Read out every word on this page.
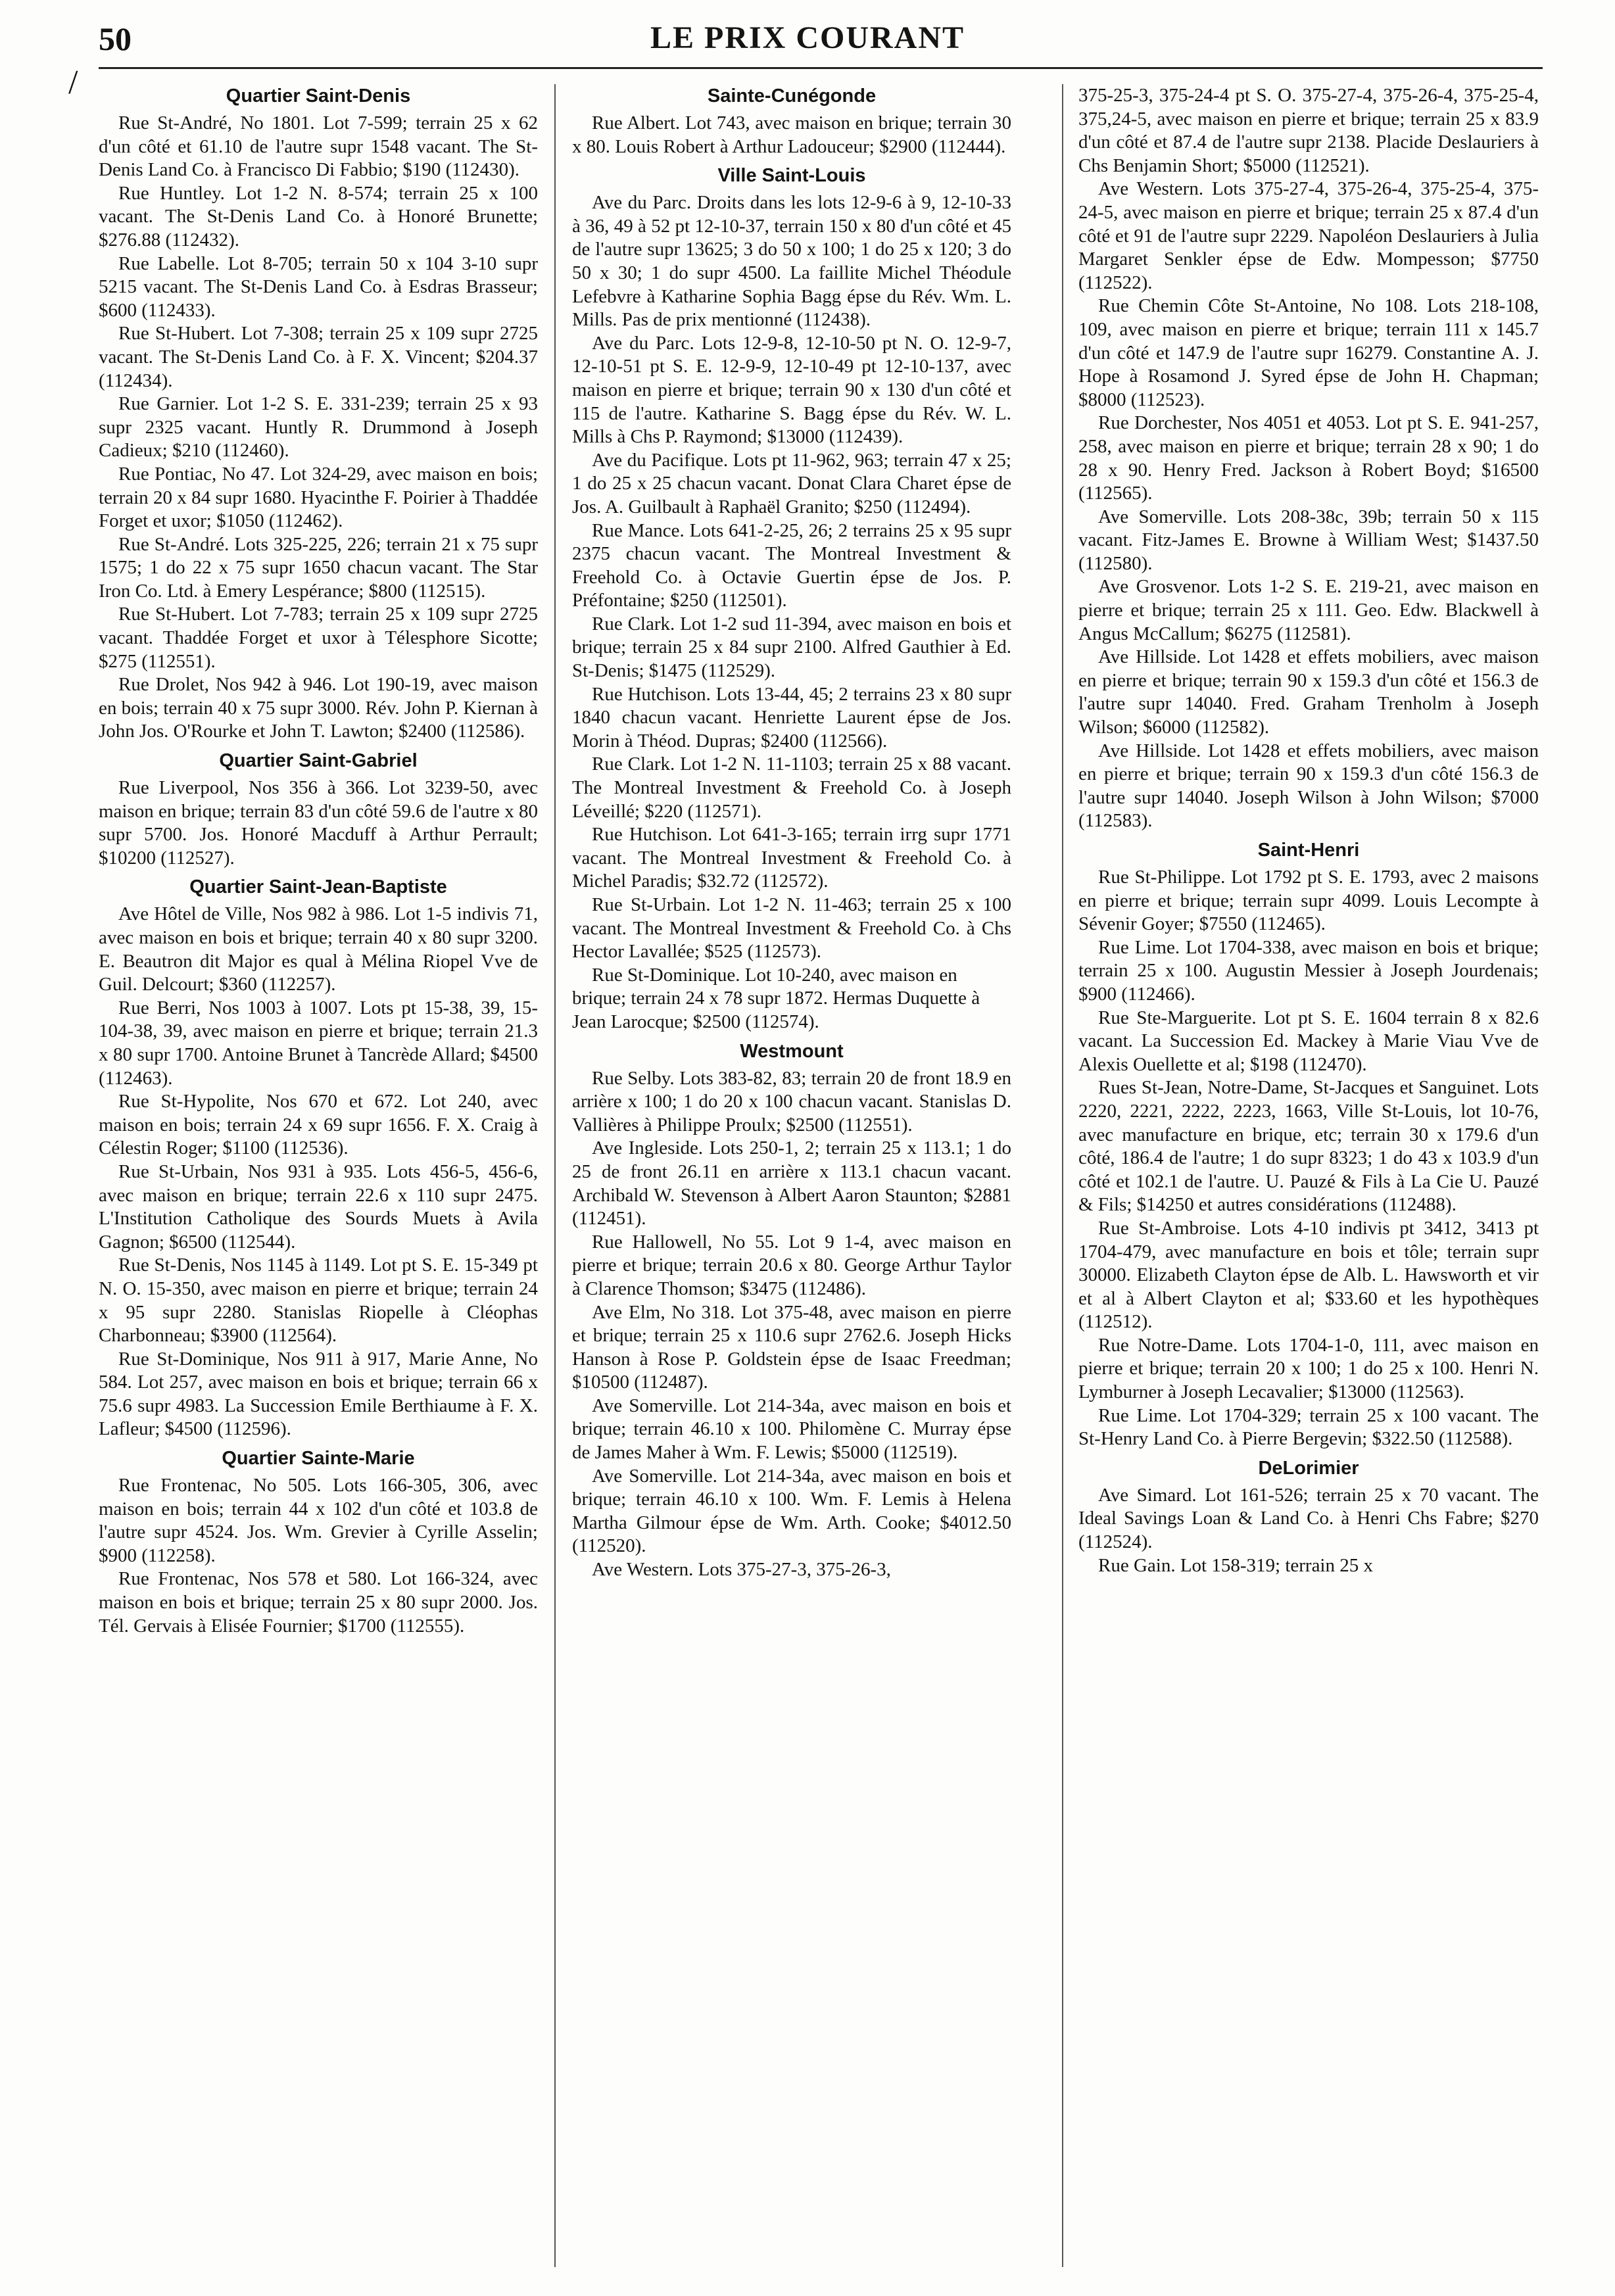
50
/
LE PRIX COURANT
Quartier Saint-Denis

Rue St-André, No 1801. Lot 7-599; terrain 25 x 62 d'un côté et 61.10 de l'autre supr 1548 vacant. The St-Denis Land Co. à Francisco Di Fabbio; $190 (112430).

Rue Huntley. Lot 1-2 N. 8-574; terrain 25 x 100 vacant. The St-Denis Land Co. à Honoré Brunette; $276.88 (112432).

Rue Labelle. Lot 8-705; terrain 50 x 104 3-10 supr 5215 vacant. The St-Denis Land Co. à Esdras Brasseur; $600 (112433).

Rue St-Hubert. Lot 7-308; terrain 25 x 109 supr 2725 vacant. The St-Denis Land Co. à F. X. Vincent; $204.37 (112434).

Rue Garnier. Lot 1-2 S. E. 331-239; terrain 25 x 93 supr 2325 vacant. Huntly R. Drummond à Joseph Cadieux; $210 (112460).

Rue Pontiac, No 47. Lot 324-29, avec maison en bois; terrain 20 x 84 supr 1680. Hyacinthe F. Poirier à Thaddée Forget et uxor; $1050 (112462).

Rue St-André. Lots 325-225, 226; terrain 21 x 75 supr 1575; 1 do 22 x 75 supr 1650 chacun vacant. The Star Iron Co. Ltd. à Emery Lespérance; $800 (112515).

Rue St-Hubert. Lot 7-783; terrain 25 x 109 supr 2725 vacant. Thaddée Forget et uxor à Télesphore Sicotte; $275 (112551).

Rue Drolet, Nos 942 à 946. Lot 190-19, avec maison en bois; terrain 40 x 75 supr 3000. Rév. John P. Kiernan à John Jos. O'Rourke et John T. Lawton; $2400 (112586).

Quartier Saint-Gabriel

Rue Liverpool, Nos 356 à 366. Lot 3239-50, avec maison en brique; terrain 83 d'un côté 59.6 de l'autre x 80 supr 5700. Jos. Honoré Macduff à Arthur Perrault; $10200 (112527).

Quartier Saint-Jean-Baptiste

Ave Hôtel de Ville, Nos 982 à 986. Lot 1-5 indivis 71, avec maison en bois et brique; terrain 40 x 80 supr 3200. E. Beautron dit Major es qual à Mélina Riopel Vve de Guil. Delcourt; $360 (112257).

Rue Berri, Nos 1003 à 1007. Lots pt 15-38, 39, 15-104-38, 39, avec maison en pierre et brique; terrain 21.3 x 80 supr 1700. Antoine Brunet à Tancrède Allard; $4500 (112463).

Rue St-Hypolite, Nos 670 et 672. Lot 240, avec maison en bois; terrain 24 x 69 supr 1656. F. X. Craig à Célestin Roger; $1100 (112536).

Rue St-Urbain, Nos 931 à 935. Lots 456-5, 456-6, avec maison en brique; terrain 22.6 x 110 supr 2475. L'Institution Catholique des Sourds Muets à Avila Gagnon; $6500 (112544).

Rue St-Denis, Nos 1145 à 1149. Lot pt S. E. 15-349 pt N. O. 15-350, avec maison en pierre et brique; terrain 24 x 95 supr 2280. Stanislas Riopelle à Cléophas Charbonneau; $3900 (112564).

Rue St-Dominique, Nos 911 à 917, Marie Anne, No 584. Lot 257, avec maison en bois et brique; terrain 66 x 75.6 supr 4983. La Succession Emile Berthiaume à F. X. Lafleur; $4500 (112596).

Quartier Sainte-Marie

Rue Frontenac, No 505. Lots 166-305, 306, avec maison en bois; terrain 44 x 102 d'un côté et 103.8 de l'autre supr 4524. Jos. Wm. Grevier à Cyrille Asselin; $900 (112258).

Rue Frontenac, Nos 578 et 580. Lot 166-324, avec maison en bois et brique; terrain 25 x 80 supr 2000. Jos. Tél. Gervais à Elisée Fournier; $1700 (112555).

Sainte-Cunégonde

Rue Albert. Lot 743, avec maison en brique; terrain 30 x 80. Louis Robert à Arthur Ladouceur; $2900 (112444).

Ville Saint-Louis

Ave du Parc. Droits dans les lots 12-9-6 à 9, 12-10-33 à 36, 49 à 52 pt 12-10-37, terrain 150 x 80 d'un côté et 45 de l'autre supr 13625; 3 do 50 x 100; 1 do 25 x 120; 3 do 50 x 30; 1 do supr 4500. La faillite Michel Théodule Lefebvre à Katharine Sophia Bagg épse du Rév. Wm. L. Mills. Pas de prix mentionné (112438).

Ave du Parc. Lots 12-9-8, 12-10-50 pt N. O. 12-9-7, 12-10-51 pt S. E. 12-9-9, 12-10-49 pt 12-10-137, avec maison en pierre et brique; terrain 90 x 130 d'un côté et 115 de l'autre. Katharine S. Bagg épse du Rév. W. L. Mills à Chs P. Raymond; $13000 (112439).

Ave du Pacifique. Lots pt 11-962, 963; terrain 47 x 25; 1 do 25 x 25 chacun vacant. Donat Clara Charet épse de Jos. A. Guilbault à Raphaël Granito; $250 (112494).

Rue Mance. Lots 641-2-25, 26; 2 terrains 25 x 95 supr 2375 chacun vacant. The Montreal Investment & Freehold Co. à Octavie Guertin épse de Jos. P. Préfontaine; $250 (112501).

Rue Clark. Lot 1-2 sud 11-394, avec maison en bois et brique; terrain 25 x 84 supr 2100. Alfred Gauthier à Ed. St-Denis; $1475 (112529).

Rue Hutchison. Lots 13-44, 45; 2 terrains 23 x 80 supr 1840 chacun vacant. Henriette Laurent épse de Jos. Morin à Théod. Dupras; $2400 (112566).

Rue Clark. Lot 1-2 N. 11-1103; terrain 25 x 88 vacant. The Montreal Investment & Freehold Co. à Joseph Léveillé; $220 (112571).

Rue Hutchison. Lot 641-3-165; terrain irrg supr 1771 vacant. The Montreal Investment & Freehold Co. à Michel Paradis; $32.72 (112572).

Rue St-Urbain. Lot 1-2 N. 11-463; terrain 25 x 100 vacant. The Montreal Investment & Freehold Co. à Chs Hector Lavallée; $525 (112573).

Rue St-Dominique. Lot 10-240, avec maison en brique; terrain 24 x 78 supr 1872. Hermas Duquette à Jean Larocque; $2500 (112574).

Westmount

Rue Selby. Lots 383-82, 83; terrain 20 de front 18.9 en arrière x 100; 1 do 20 x 100 chacun vacant. Stanislas D. Vallières à Philippe Proulx; $2500 (112551).

Ave Ingleside. Lots 250-1, 2; terrain 25 x 113.1; 1 do 25 de front 26.11 en arrière x 113.1 chacun vacant. Archibald W. Stevenson à Albert Aaron Staunton; $2881 (112451).

Rue Hallowell, No 55. Lot 9 1-4, avec maison en pierre et brique; terrain 20.6 x 80. George Arthur Taylor à Clarence Thomson; $3475 (112486).

Ave Elm, No 318. Lot 375-48, avec maison en pierre et brique; terrain 25 x 110.6 supr 2762.6. Joseph Hicks Hanson à Rose P. Goldstein épse de Isaac Freedman; $10500 (112487).

Ave Somerville. Lot 214-34a, avec maison en bois et brique; terrain 46.10 x 100. Philomène C. Murray épse de James Maher à Wm. F. Lewis; $5000 (112519).

Ave Somerville. Lot 214-34a, avec maison en bois et brique; terrain 46.10 x 100. Wm. F. Lemis à Helena Martha Gilmour épse de Wm. Arth. Cooke; $4012.50 (112520).

Ave Western. Lots 375-27-3, 375-26-3,

375-25-3, 375-24-4 pt S. O. 375-27-4, 375-26-4, 375-25-4, 375,24-5, avec maison en pierre et brique; terrain 25 x 83.9 d'un côté et 87.4 de l'autre supr 2138. Placide Deslauriers à Chs Benjamin Short; $5000 (112521).

Ave Western. Lots 375-27-4, 375-26-4, 375-25-4, 375-24-5, avec maison en pierre et brique; terrain 25 x 87.4 d'un côté et 91 de l'autre supr 2229. Napoléon Deslauriers à Julia Margaret Senkler épse de Edw. Mompesson; $7750 (112522).

Rue Chemin Côte St-Antoine, No 108. Lots 218-108, 109, avec maison en pierre et brique; terrain 111 x 145.7 d'un côté et 147.9 de l'autre supr 16279. Constantine A. J. Hope à Rosamond J. Syred épse de John H. Chapman; $8000 (112523).

Rue Dorchester, Nos 4051 et 4053. Lot pt S. E. 941-257, 258, avec maison en pierre et brique; terrain 28 x 90; 1 do 28 x 90. Henry Fred. Jackson à Robert Boyd; $16500 (112565).

Ave Somerville. Lots 208-38c, 39b; terrain 50 x 115 vacant. Fitz-James E. Browne à William West; $1437.50 (112580).

Ave Grosvenor. Lots 1-2 S. E. 219-21, avec maison en pierre et brique; terrain 25 x 111. Geo. Edw. Blackwell à Angus McCallum; $6275 (112581).

Ave Hillside. Lot 1428 et effets mobiliers, avec maison en pierre et brique; terrain 90 x 159.3 d'un côté et 156.3 de l'autre supr 14040. Fred. Graham Trenholm à Joseph Wilson; $6000 (112582).

Ave Hillside. Lot 1428 et effets mobiliers, avec maison en pierre et brique; terrain 90 x 159.3 d'un côté 156.3 de l'autre supr 14040. Joseph Wilson à John Wilson; $7000 (112583).

Saint-Henri

Rue St-Philippe. Lot 1792 pt S. E. 1793, avec 2 maisons en pierre et brique; terrain supr 4099. Louis Lecompte à Sévenir Goyer; $7550 (112465).

Rue Lime. Lot 1704-338, avec maison en bois et brique; terrain 25 x 100. Augustin Messier à Joseph Jourdenais; $900 (112466).

Rue Ste-Marguerite. Lot pt S. E. 1604 terrain 8 x 82.6 vacant. La Succession Ed. Mackey à Marie Viau Vve de Alexis Ouellette et al; $198 (112470).

Rues St-Jean, Notre-Dame, St-Jacques et Sanguinet. Lots 2220, 2221, 2222, 2223, 1663, Ville St-Louis, lot 10-76, avec manufacture en brique, etc; terrain 30 x 179.6 d'un côté, 186.4 de l'autre; 1 do supr 8323; 1 do 43 x 103.9 d'un côté et 102.1 de l'autre. U. Pauzé & Fils à La Cie U. Pauzé & Fils; $14250 et autres considérations (112488).

Rue St-Ambroise. Lots 4-10 indivis pt 3412, 3413 pt 1704-479, avec manufacture en bois et tôle; terrain supr 30000. Elizabeth Clayton épse de Alb. L. Hawsworth et vir et al à Albert Clayton et al; $33.60 et les hypothèques (112512).

Rue Notre-Dame. Lots 1704-1-0, 111, avec maison en pierre et brique; terrain 20 x 100; 1 do 25 x 100. Henri N. Lymburner à Joseph Lecavalier; $13000 (112563).

Rue Lime. Lot 1704-329; terrain 25 x 100 vacant. The St-Henry Land Co. à Pierre Bergevin; $322.50 (112588).

DeLorimier

Ave Simard. Lot 161-526; terrain 25 x 70 vacant. The Ideal Savings Loan & Land Co. à Henri Chs Fabre; $270 (112524).

Rue Gain. Lot 158-319; terrain 25 x
